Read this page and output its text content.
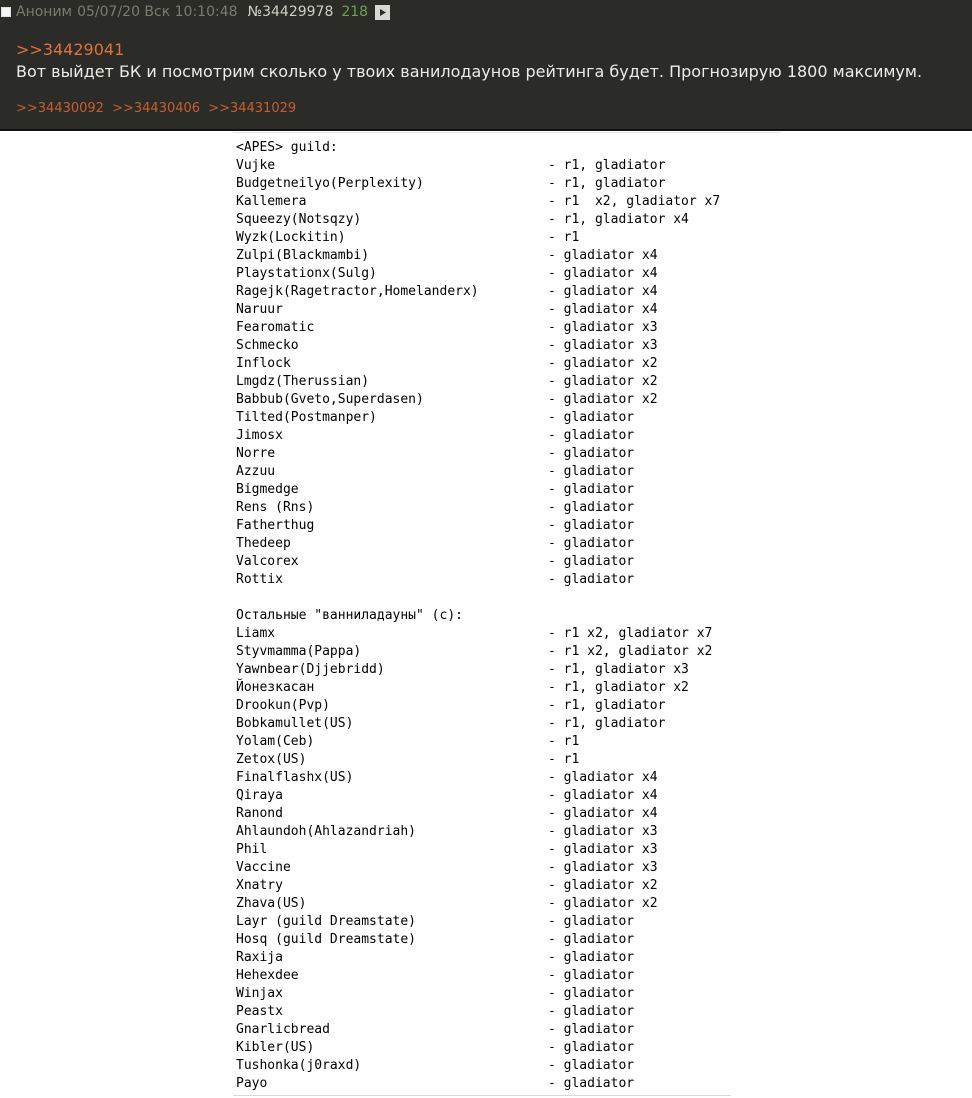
Аноним 05/07/20 Вск 10:10:48 №34429978 218
>>34429041
Вот выйдет БК и посмотрим сколько у твоих ванилодаунов рейтинга будет. Прогнозирую 1800 максимум.
>>34430092 >>34430406 >>34431029
<APES> guild:
Vujke	- r1, gladiator
Budgetneilyo(Perplexity)	- r1, gladiator
Kallemera	- r1  x2, gladiator x7
Squeezy(Notsqzy)	- r1, gladiator x4
Wyzk(Lockitin)	- r1
Zulpi(Blackmambi)	- gladiator x4
Playstationx(Sulg)	- gladiator x4
Ragejk(Ragetractor,Homelanderx)	- gladiator x4
Naruur	- gladiator x4
Fearomatic	- gladiator x3
Schmecko	- gladiator x3
Inflock	- gladiator x2
Lmgdz(Therussian)	- gladiator x2
Babbub(Gveto,Superdasen)	- gladiator x2
Tilted(Postmanper)	- gladiator
Jimosx	- gladiator
Norre	- gladiator
Azzuu	- gladiator
Bigmedge	- gladiator
Rens (Rns)	- gladiator
Fatherthug	- gladiator
Thedeep	- gladiator
Valcorex	- gladiator
Rottix	- gladiator
Остальные "ванниладауны" (c):
Liamx	- r1 x2, gladiator x7
Styvmamma(Pappa)	- r1 x2, gladiator x2
Yawnbear(Djjebridd)	- r1, gladiator x3
Йонезкасан	- r1, gladiator x2
Drookun(Pvp)	- r1, gladiator
Bobkamullet(US)	- r1, gladiator
Yolam(Ceb)	- r1
Zetox(US)	- r1
Finalflashx(US)	- gladiator x4
Qiraya	- gladiator x4
Ranond	- gladiator x4
Ahlaundoh(Ahlazandriah)	- gladiator x3
Phil	- gladiator x3
Vaccine	- gladiator x3
Xnatry	- gladiator x2
Zhava(US)	- gladiator x2
Layr (guild Dreamstate)	- gladiator
Hosq (guild Dreamstate)	- gladiator
Raxija	- gladiator
Hehexdee	- gladiator
Winjax	- gladiator
Peastx	- gladiator
Gnarlicbread	- gladiator
Kibler(US)	- gladiator
Tushonka(j0raxd)	- gladiator
Payo	- gladiator
